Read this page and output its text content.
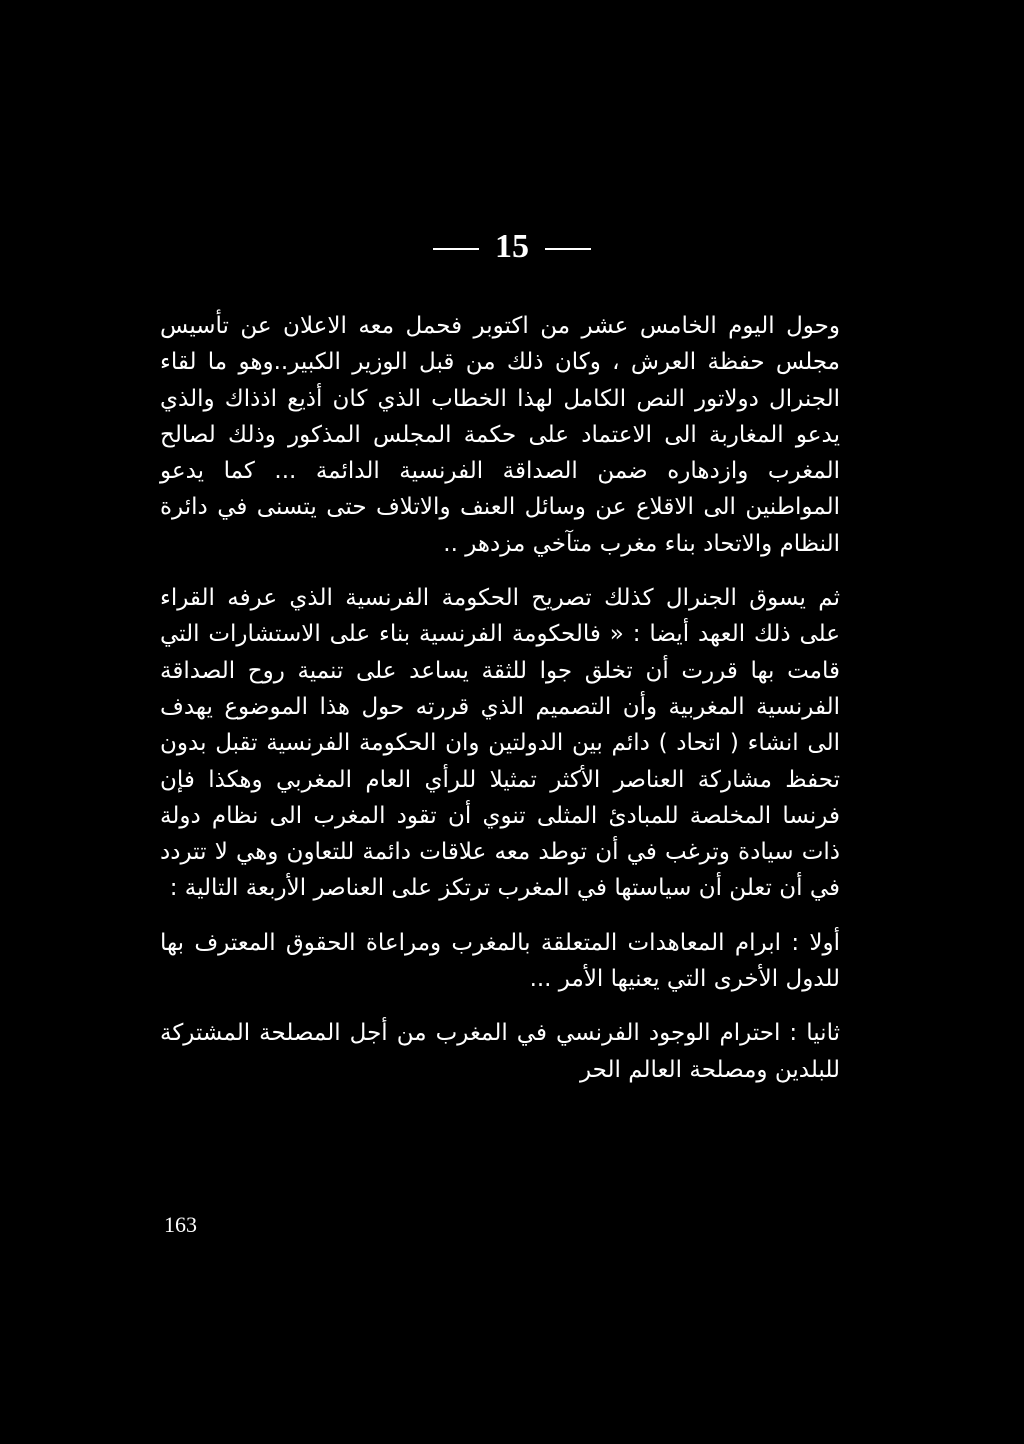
15

وحول اليوم الخامس عشر من اكتوبر فحمل معه الاعلان عن تأسيس مجلس حفظة العرش ، وكان ذلك من قبل الوزير الكبير..وهو ما لقاء الجنرال دولاتور النص الكامل لهذا الخطاب الذي كان أذيع اذذاك والذي يدعو المغاربة الى الاعتماد على حكمة المجلس المذكور وذلك لصالح المغرب وازدهاره ضمن الصداقة الفرنسية الدائمة ... كما يدعو المواطنين الى الاقلاع عن وسائل العنف والاتلاف حتى يتسنى في دائرة النظام والاتحاد بناء مغرب متآخي مزدهر ..

ثم يسوق الجنرال كذلك تصريح الحكومة الفرنسية الذي عرفه القراء على ذلك العهد أيضا : « فالحكومة الفرنسية بناء على الاستشارات التي قامت بها قررت أن تخلق جوا للثقة يساعد على تنمية روح الصداقة الفرنسية المغربية وأن التصميم الذي قررته حول هذا الموضوع يهدف الى انشاء ( اتحاد ) دائم بين الدولتين وان الحكومة الفرنسية تقبل بدون تحفظ مشاركة العناصر الأكثر تمثيلا للرأي العام المغربي وهكذا فإن فرنسا المخلصة للمبادئ المثلى تنوي أن تقود المغرب الى نظام دولة ذات سيادة وترغب في أن توطد معه علاقات دائمة للتعاون وهي لا تتردد في أن تعلن أن سياستها في المغرب ترتكز على العناصر الأربعة التالية :

أولا : ابرام المعاهدات المتعلقة بالمغرب ومراعاة الحقوق المعترف بها للدول الأخرى التي يعنيها الأمر ...

ثانيا : احترام الوجود الفرنسي في المغرب من أجل المصلحة المشتركة للبلدين ومصلحة العالم الحر

163
